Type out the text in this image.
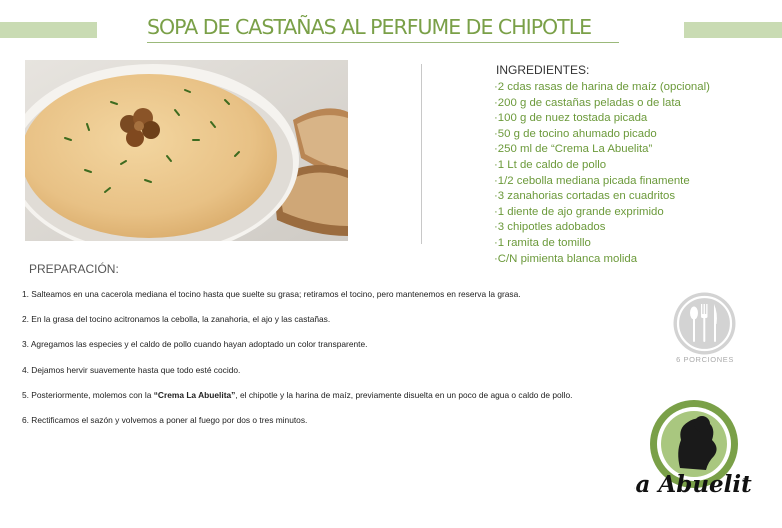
SOPA DE CASTAÑAS AL PERFUME DE CHIPOTLE
INGREDIENTES:
·2 cdas rasas de harina de maíz (opcional)
·200 g de castañas peladas o de lata
·100 g de nuez tostada picada
·50 g de tocino ahumado picado
·250 ml de “Crema La Abuelita”
·1 Lt de caldo de pollo
·1/2 cebolla mediana picada finamente
·3 zanahorias cortadas en cuadritos
·1 diente de ajo grande exprimido
·3 chipotles adobados
·1 ramita de tomillo
·C/N pimienta blanca molida
PREPARACIÓN:
1. Salteamos en una cacerola mediana el tocino hasta que suelte su grasa; retiramos el tocino, pero mantenemos en reserva la grasa.
2. En la grasa del tocino acitronamos la cebolla, la zanahoria, el ajo y las castañas.
3. Agregamos las especies y el caldo de pollo cuando hayan adoptado un color transparente.
4. Dejamos hervir suavemente hasta que todo esté cocido.
5. Posteriormente, molemos con la “Crema La Abuelita”, el chipotle y la harina de maíz, previamente disuelta en un poco de agua o caldo de pollo.
6. Rectificamos el sazón y volvemos a poner al fuego por dos o tres minutos.
6 PORCIONES
a Abuelit
®
